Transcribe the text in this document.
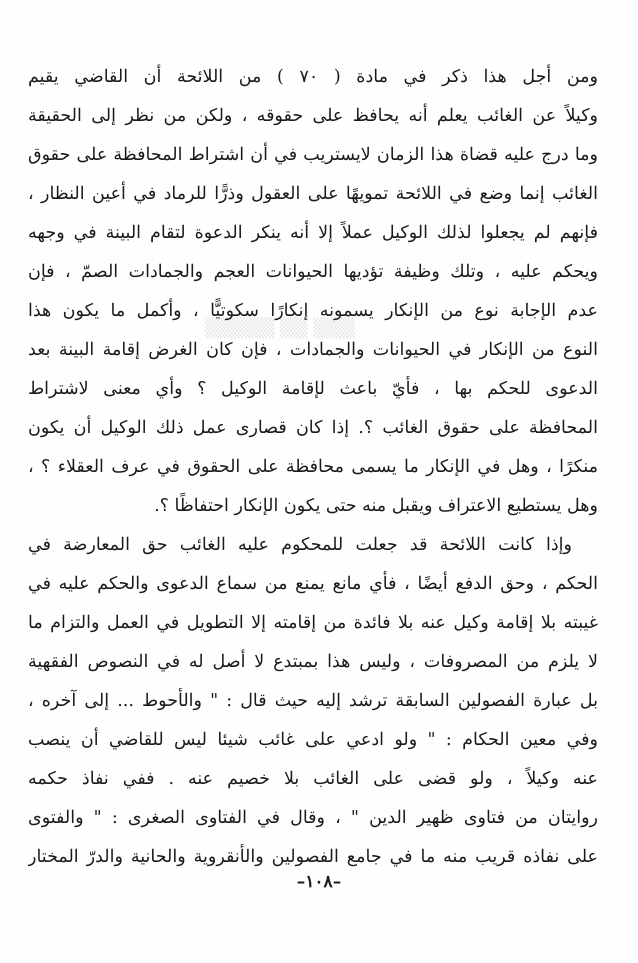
▒▒▒ ▒▒ ▒▒▒▒▒
ومن أجل هذا ذكر في مادة ( ٧٠ ) من اللائحة أن القاضي يقيم
وكيلاً عن الغائب يعلم أنه يحافظ على حقوقه ، ولكن من نظر إلى الحقيقة
وما درج عليه قضاة هذا الزمان لايستريب في أن اشتراط المحافظة على حقوق
الغائب إنما وضع في اللائحة تمويهًا على العقول وذرًّا للرماد في أعين النظار ،
فإنهم لم يجعلوا لذلك الوكيل عملاً إلا أنه ينكر الدعوة لتقام البينة في وجهه
ويحكم عليه ، وتلك وظيفة تؤديها الحيوانات العجم والجمادات الصمّ ، فإن
عدم الإجابة نوع من الإنكار يسمونه إنكارًا سكوتيًّا ، وأكمل ما يكون هذا
النوع من الإنكار في الحيوانات والجمادات ، فإن كان الغرض إقامة البينة بعد
الدعوى للحكم بها ، فأيّ باعث لإقامة الوكيل ؟ وأي معنى لاشتراط
المحافظة على حقوق الغائب ؟. إذا كان قصارى عمل ذلك الوكيل أن يكون
منكرًا ، وهل في الإنكار ما يسمى محافظة على الحقوق في عرف العقلاء ؟ ،
وهل يستطيع الاعتراف ويقبل منه حتى يكون الإنكار احتفاظًا ؟.
وإذا كانت اللائحة قد جعلت للمحكوم عليه الغائب حق المعارضة في
الحكم ، وحق الدفع أيضًا ، فأي مانع يمنع من سماع الدعوى والحكم عليه في
غيبته بلا إقامة وكيل عنه بلا فائدة من إقامته إلا التطويل في العمل والتزام ما
لا يلزم من المصروفات ، وليس هذا بمبتدع لا أصل له في النصوص الفقهية
بل عبارة الفصولين السابقة ترشد إليه حيث قال : " والأحوط ... إلى آخره ،
وفي معين الحكام : " ولو ادعي على غائب شيئا ليس للقاضي أن ينصب
عنه وكيلاً ، ولو قضى على الغائب بلا خصيم عنه . ففي نفاذ حكمه
روايتان من فتاوى ظهير الدين " ، وقال في الفتاوى الصغرى : " والفتوى
على نفاذه قريب منه ما في جامع الفصولين والأنقروية والحانية والدرّ المختار
–١٠٨–
